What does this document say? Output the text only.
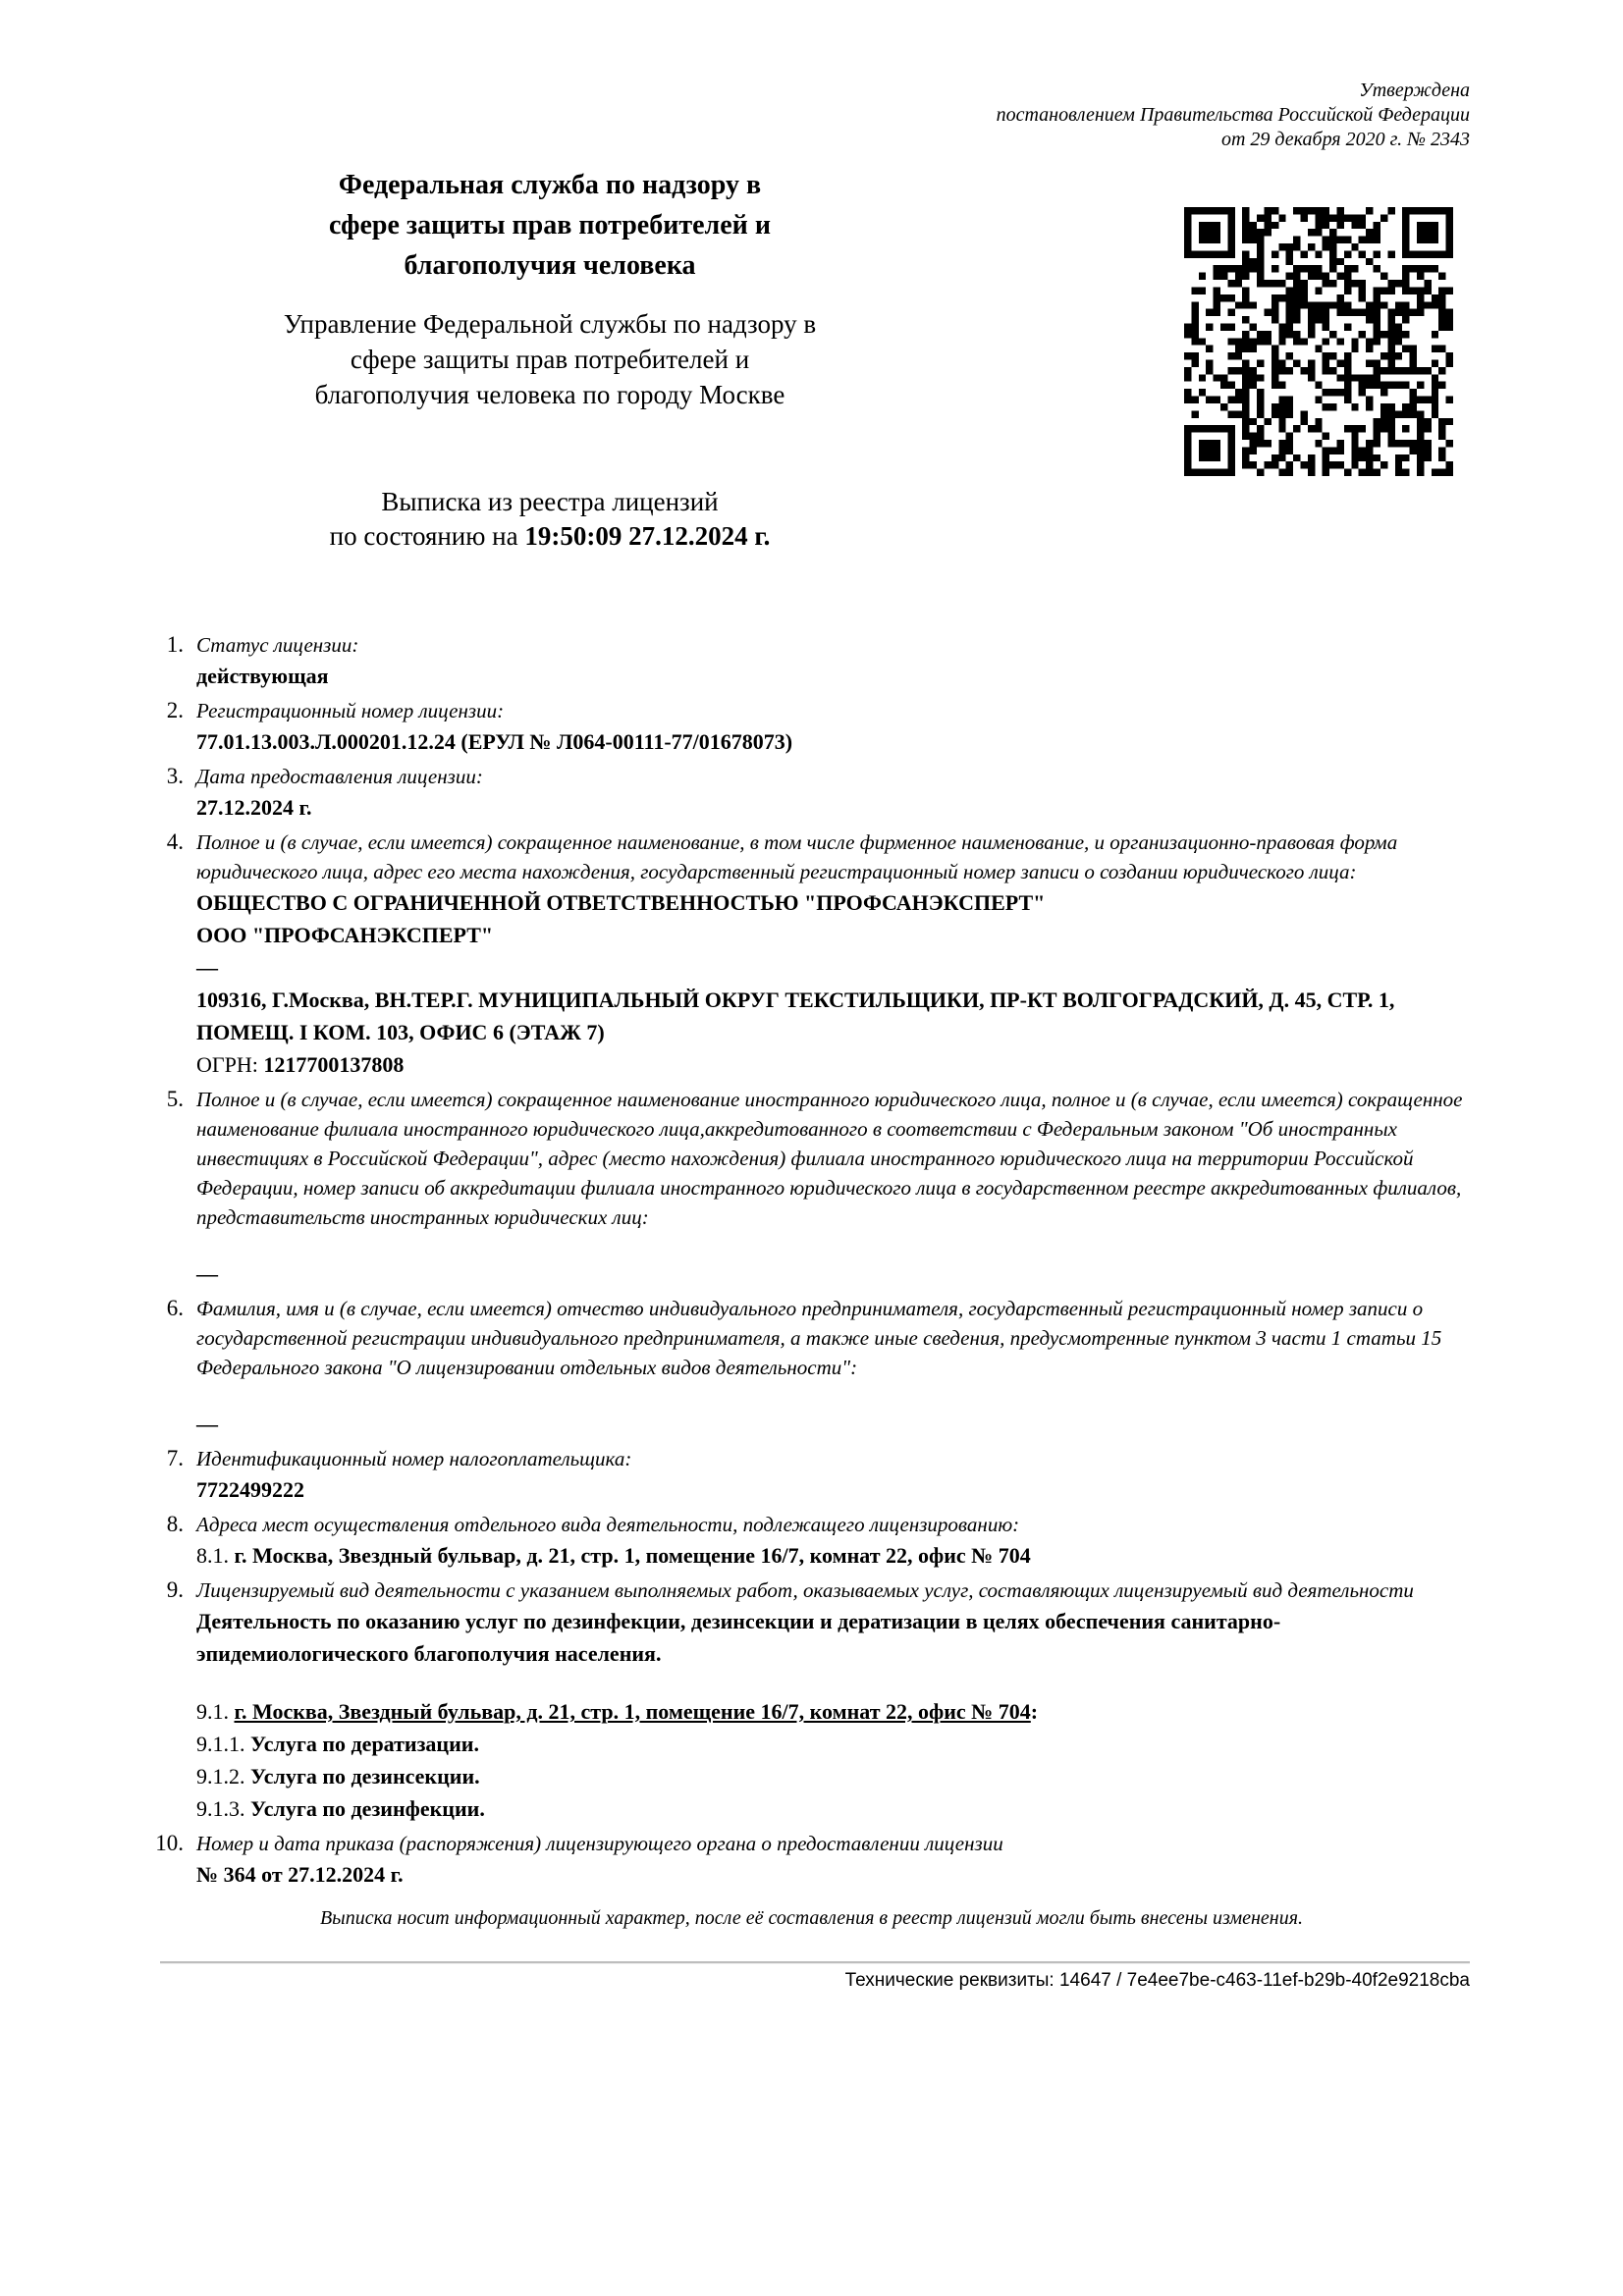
Утверждена
постановлением Правительства Российской Федерации
от 29 декабря 2020 г. № 2343
Федеральная служба по надзору в
сфере защиты прав потребителей и
благополучия человека
Управление Федеральной службы по надзору в
сфере защиты прав потребителей и
благополучия человека по городу Москве
Выписка из реестра лицензий
по состоянию на 19:50:09 27.12.2024 г.
1. Статус лицензии:
действующая
2. Регистрационный номер лицензии:
77.01.13.003.Л.000201.12.24 (ЕРУЛ № Л064-00111-77/01678073)
3. Дата предоставления лицензии:
27.12.2024 г.
4. Полное и (в случае, если имеется) сокращенное наименование, в том числе фирменное наименование, и организационно-правовая форма юридического лица, адрес его места нахождения, государственный регистрационный номер записи о создании юридического лица:
ОБЩЕСТВО С ОГРАНИЧЕННОЙ ОТВЕТСТВЕННОСТЬЮ "ПРОФСАНЭКСПЕРТ"
ООО "ПРОФСАНЭКСПЕРТ"
—
109316, Г.Москва, ВН.ТЕР.Г. МУНИЦИПАЛЬНЫЙ ОКРУГ ТЕКСТИЛЬЩИКИ, ПР-КТ ВОЛГОГРАДСКИЙ, Д. 45, СТР. 1, ПОМЕЩ. I КОМ. 103, ОФИС 6 (ЭТАЖ 7)
ОГРН: 1217700137808
5. Полное и (в случае, если имеется) сокращенное наименование иностранного юридического лица, полное и (в случае, если имеется) сокращенное наименование филиала иностранного юридического лица,аккредитованного в соответствии с Федеральным законом "Об иностранных инвестициях в Российской Федерации", адрес (место нахождения) филиала иностранного юридического лица на территории Российской Федерации, номер записи об аккредитации филиала иностранного юридического лица в государственном реестре аккредитованных филиалов, представительств иностранных юридических лиц:
—
6. Фамилия, имя и (в случае, если имеется) отчество индивидуального предпринимателя, государственный регистрационный номер записи о государственной регистрации индивидуального предпринимателя, а также иные сведения, предусмотренные пунктом 3 части 1 статьи 15 Федерального закона "О лицензировании отдельных видов деятельности":
—
7. Идентификационный номер налогоплательщика:
7722499222
8. Адреса мест осуществления отдельного вида деятельности, подлежащего лицензированию:
8.1. г. Москва, Звездный бульвар, д. 21, стр. 1, помещение 16/7, комнат 22, офис № 704
9. Лицензируемый вид деятельности с указанием выполняемых работ, оказываемых услуг, составляющих лицензируемый вид деятельности
Деятельность по оказанию услуг по дезинфекции, дезинсекции и дератизации в целях обеспечения санитарно-эпидемиологического благополучия населения.
9.1. г. Москва, Звездный бульвар, д. 21, стр. 1, помещение 16/7, комнат 22, офис № 704:
9.1.1. Услуга по дератизации.
9.1.2. Услуга по дезинсекции.
9.1.3. Услуга по дезинфекции.
10. Номер и дата приказа (распоряжения) лицензирующего органа о предоставлении лицензии
№ 364 от 27.12.2024 г.
Выписка носит информационный характер, после её составления в реестр лицензий могли быть внесены изменения.
Технические реквизиты: 14647 / 7e4ee7be-c463-11ef-b29b-40f2e9218cba
